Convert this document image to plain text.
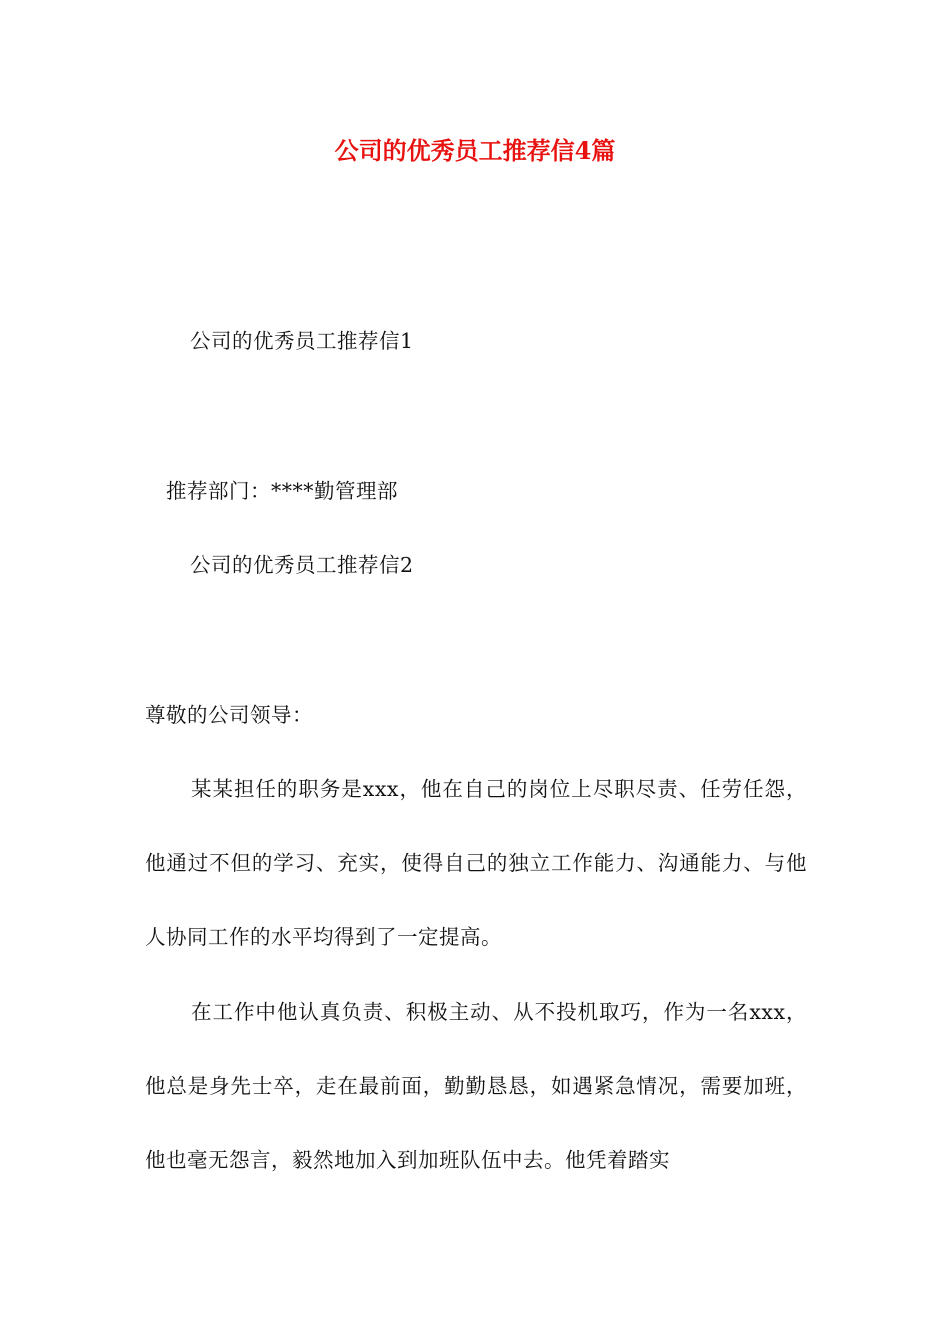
公司的优秀员工推荐信4篇
公司的优秀员工推荐信1
推荐部门：****勤管理部
公司的优秀员工推荐信2
尊敬的公司领导：

某某担任的职务是xxx，他在自己的岗位上尽职尽责、任劳任怨，他通过不但的学习、充实，使得自己的独立工作能力、沟通能力、与他人协同工作的水平均得到了一定提高。

在工作中他认真负责、积极主动、从不投机取巧，作为一名xxx，他总是身先士卒，走在最前面，勤勤恳恳，如遇紧急情况，需要加班，他也毫无怨言，毅然地加入到加班队伍中去。他凭着踏实
